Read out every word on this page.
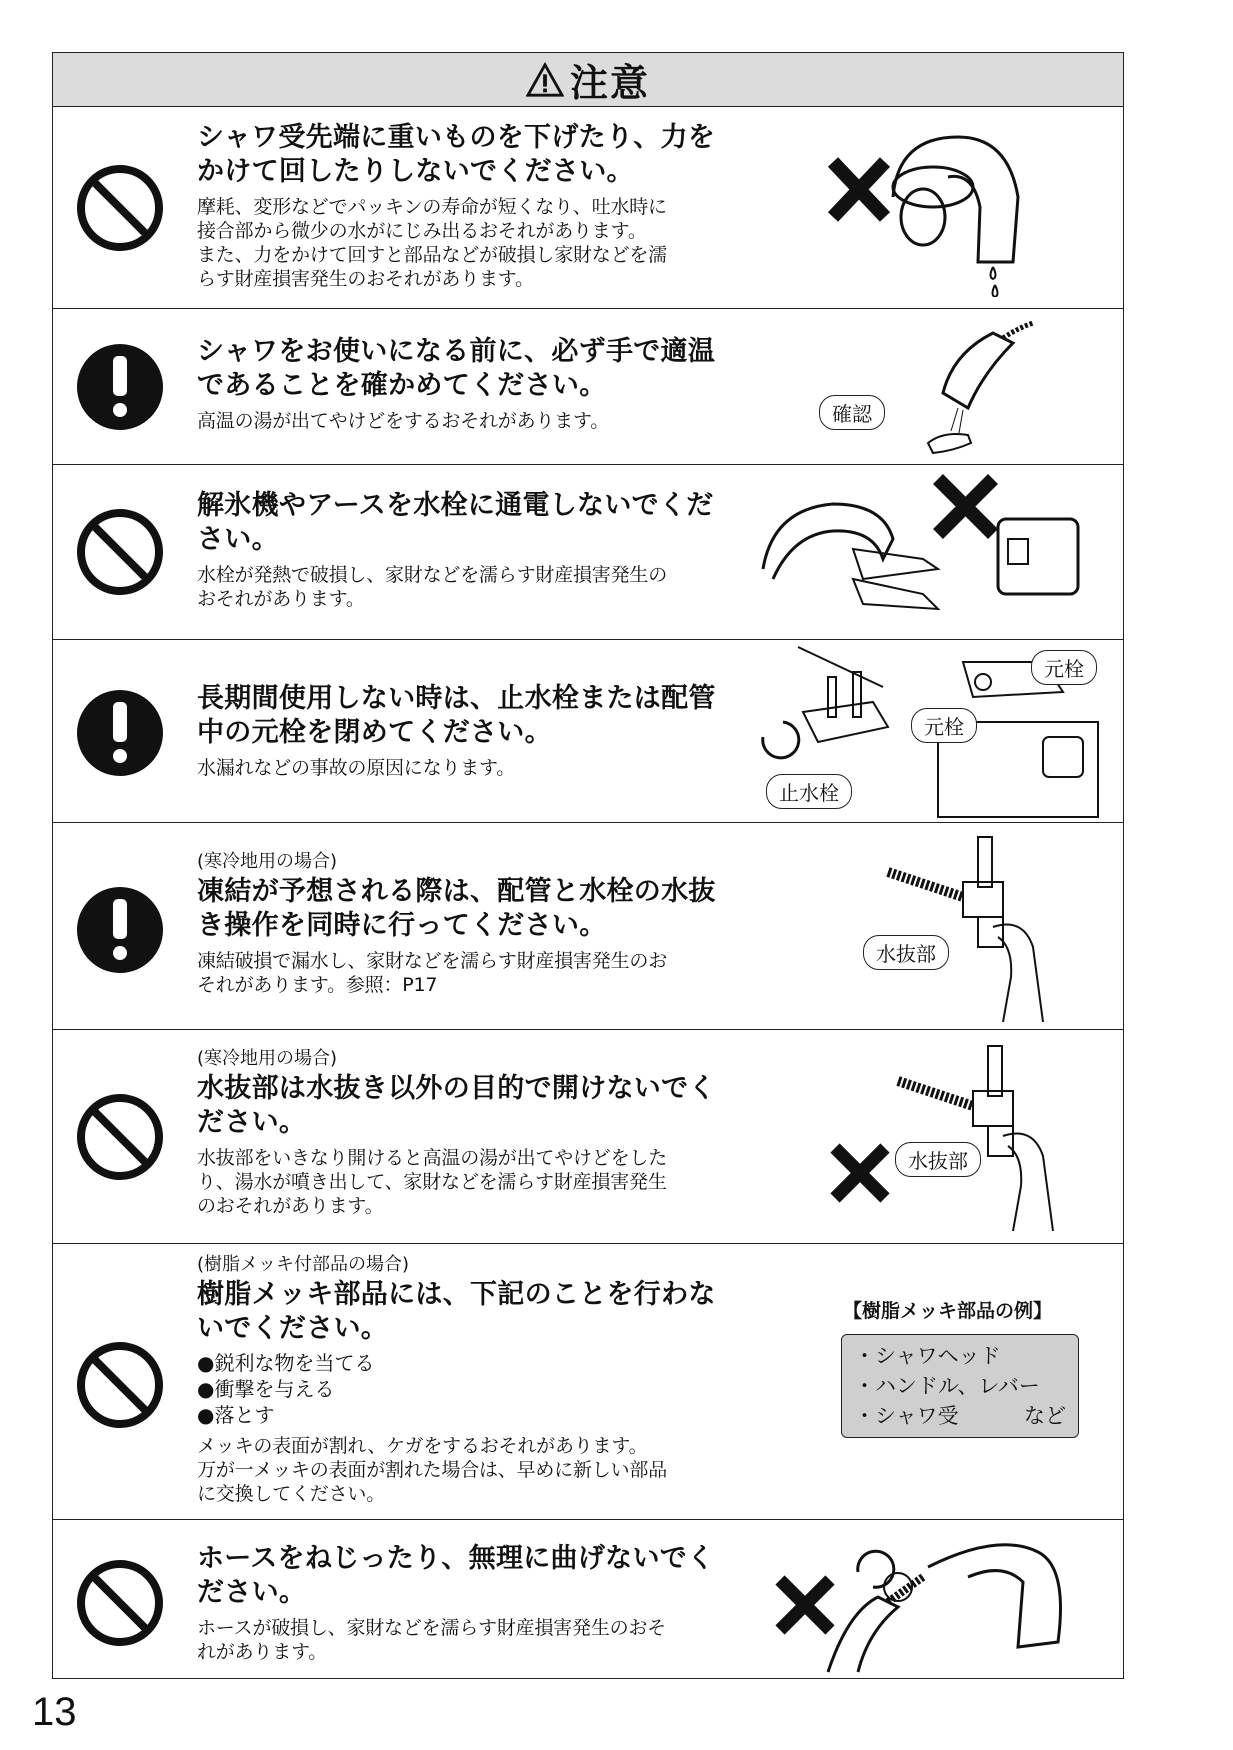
注意
シャワ受先端に重いものを下げたり、力を
かけて回したりしないでください。
摩耗、変形などでパッキンの寿命が短くなり、吐水時に
接合部から微少の水がにじみ出るおそれがあります。
また、力をかけて回すと部品などが破損し家財などを濡
らす財産損害発生のおそれがあります。
シャワをお使いになる前に、必ず手で適温
であることを確かめてください。
高温の湯が出てやけどをするおそれがあります。	確認
解氷機やアースを水栓に通電しないでくだ
さい。
水栓が発熱で破損し、家財などを濡らす財産損害発生の
おそれがあります。
長期間使用しない時は、止水栓または配管
中の元栓を閉めてください。
水漏れなどの事故の原因になります。
元栓
元栓
止水栓
(寒冷地用の場合)
凍結が予想される際は、配管と水栓の水抜
き操作を同時に行ってください。
凍結破損で漏水し、家財などを濡らす財産損害発生のお
それがあります。参照：P17
水抜部
(寒冷地用の場合)
水抜部は水抜き以外の目的で開けないでく
ださい。
水抜部をいきなり開けると高温の湯が出てやけどをした
り、湯水が噴き出して、家財などを濡らす財産損害発生
のおそれがあります。
水抜部
(樹脂メッキ付部品の場合)
樹脂メッキ部品には、下記のことを行わな
いでください。
●鋭利な物を当てる
●衝撃を与える
●落とす
メッキの表面が割れ、ケガをするおそれがあります。
万が一メッキの表面が割れた場合は、早めに新しい部品
に交換してください。
【樹脂メッキ部品の例】
・シャワヘッド
・ハンドル、レバー
・シャワ受	など
ホースをねじったり、無理に曲げないでく
ださい。
ホースが破損し、家財などを濡らす財産損害発生のおそ
れがあります。
13
